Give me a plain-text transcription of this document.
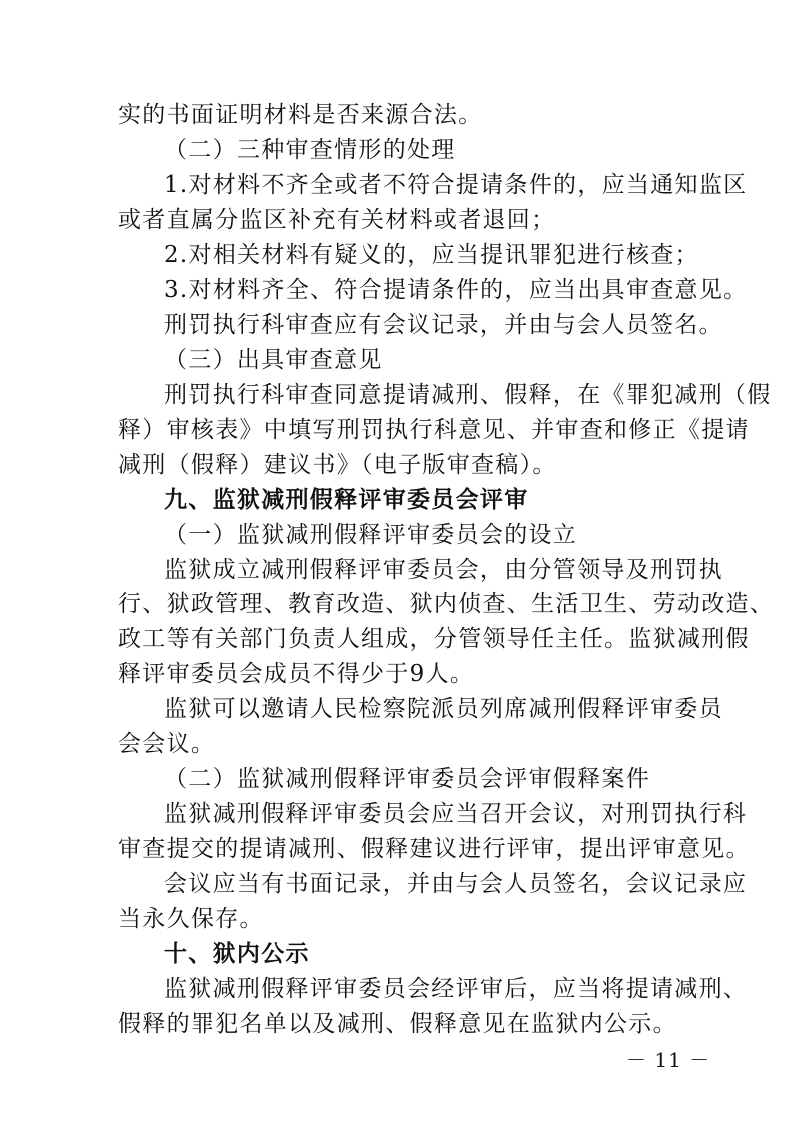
实的书面证明材料是否来源合法。
（二）三种审查情形的处理
1.对材料不齐全或者不符合提请条件的，应当通知监区
或者直属分监区补充有关材料或者退回；
2.对相关材料有疑义的，应当提讯罪犯进行核查；
3.对材料齐全、符合提请条件的，应当出具审查意见。
刑罚执行科审查应有会议记录，并由与会人员签名。
（三）出具审查意见
刑罚执行科审查同意提请减刑、假释，在《罪犯减刑（假
释）审核表》中填写刑罚执行科意见、并审查和修正《提请
减刑（假释）建议书》（电子版审查稿）。
九、监狱减刑假释评审委员会评审
（一）监狱减刑假释评审委员会的设立
监狱成立减刑假释评审委员会，由分管领导及刑罚执
行、狱政管理、教育改造、狱内侦查、生活卫生、劳动改造、
政工等有关部门负责人组成，分管领导任主任。监狱减刑假
释评审委员会成员不得少于9人。
监狱可以邀请人民检察院派员列席减刑假释评审委员
会会议。
（二）监狱减刑假释评审委员会评审假释案件
监狱减刑假释评审委员会应当召开会议，对刑罚执行科
审查提交的提请减刑、假释建议进行评审，提出评审意见。
会议应当有书面记录，并由与会人员签名，会议记录应
当永久保存。
十、狱内公示
监狱减刑假释评审委员会经评审后，应当将提请减刑、
假释的罪犯名单以及减刑、假释意见在监狱内公示。
－ 11 －
